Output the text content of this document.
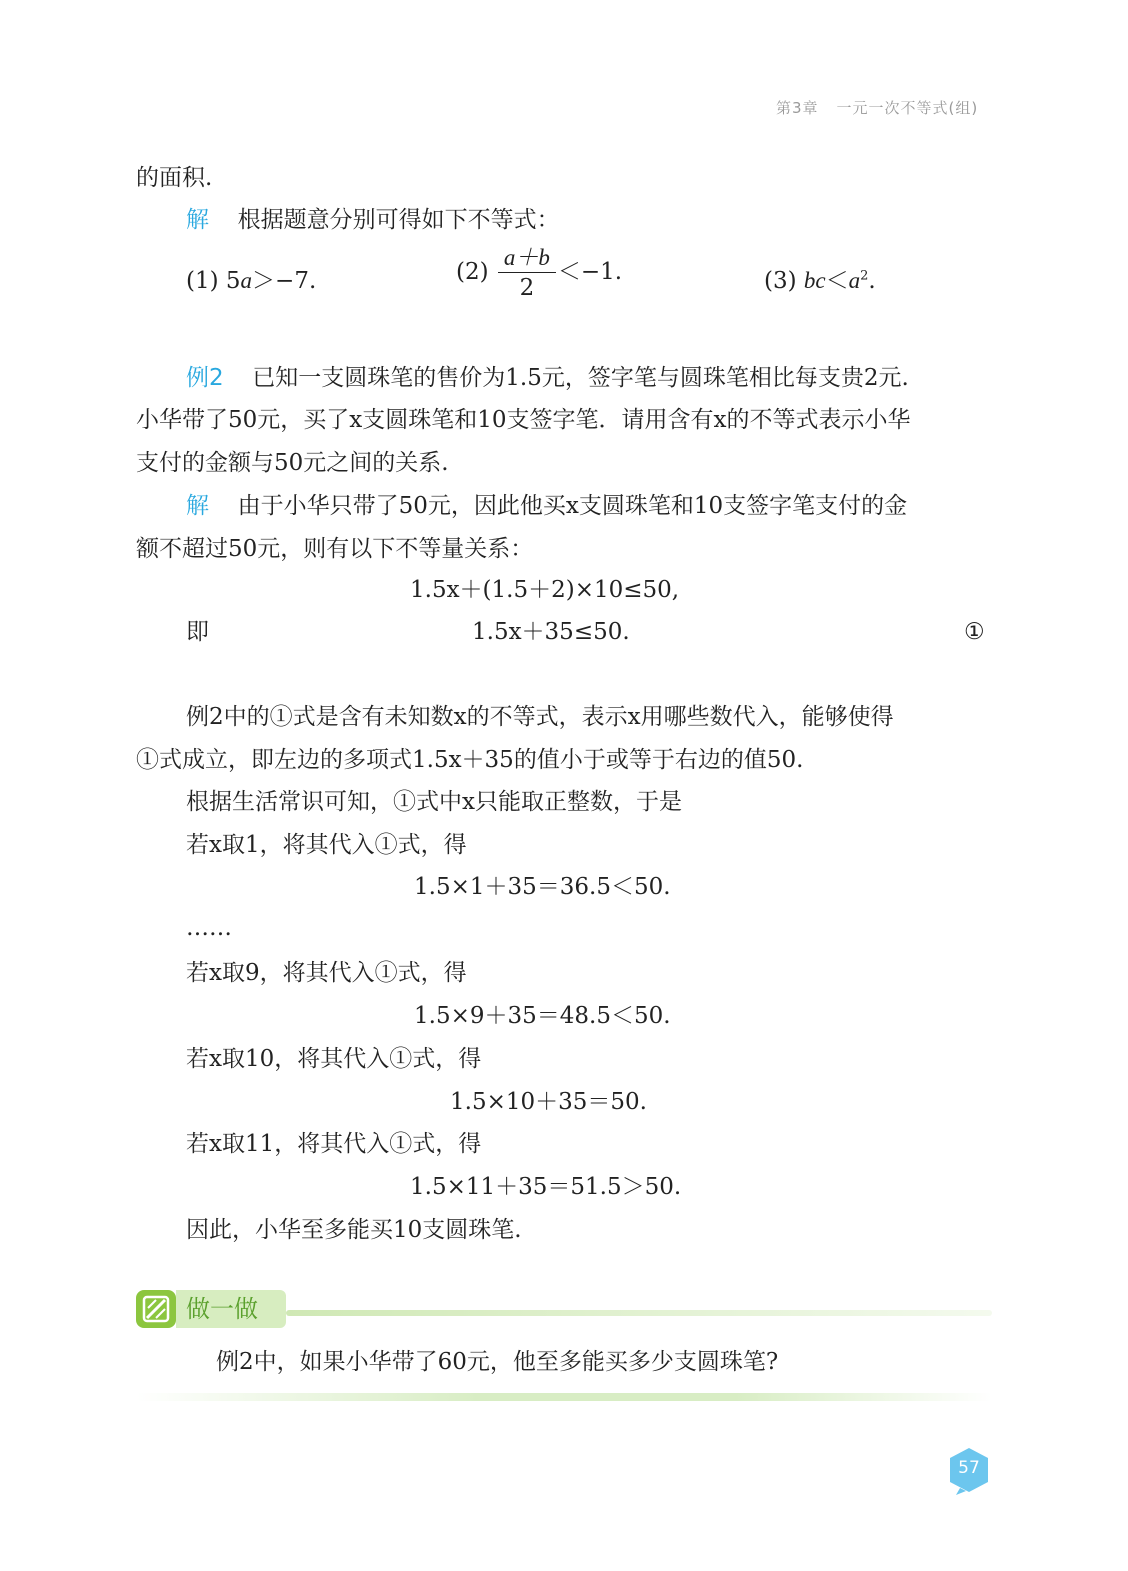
第3章 一元一次不等式(组)
的面积.
解 根据题意分别可得如下不等式：
(1) 5a＞−7.	$(2) \frac{a+b}{2} <-1$.	(3) $bc<a^2$.
例2 已知一支圆珠笔的售价为1.5元，签字笔与圆珠笔相比每支贵2元.
小华带了50元，买了x支圆珠笔和10支签字笔．请用含有x的不等式表示小华
支付的金额与50元之间的关系.
解 由于小华只带了50元，因此他买x支圆珠笔和10支签字笔支付的金
额不超过50元，则有以下不等量关系：
1.5x＋(1.5＋2)×10≤50,
即	1.5x＋35≤50.	①
例2中的①式是含有未知数x的不等式，表示x用哪些数代入，能够使得
①式成立，即左边的多项式1.5x＋35的值小于或等于右边的值50.
根据生活常识可知，①式中x只能取正整数，于是
若x取1，将其代入①式，得
1.5×1＋35＝36.5＜50.
……
若x取9，将其代入①式，得
1.5×9＋35＝48.5＜50.
若x取10，将其代入①式，得
1.5×10＋35＝50.
若x取11，将其代入①式，得
1.5×11＋35＝51.5＞50.
因此，小华至多能买10支圆珠笔.
做一做
例2中，如果小华带了60元，他至多能买多少支圆珠笔?
57
